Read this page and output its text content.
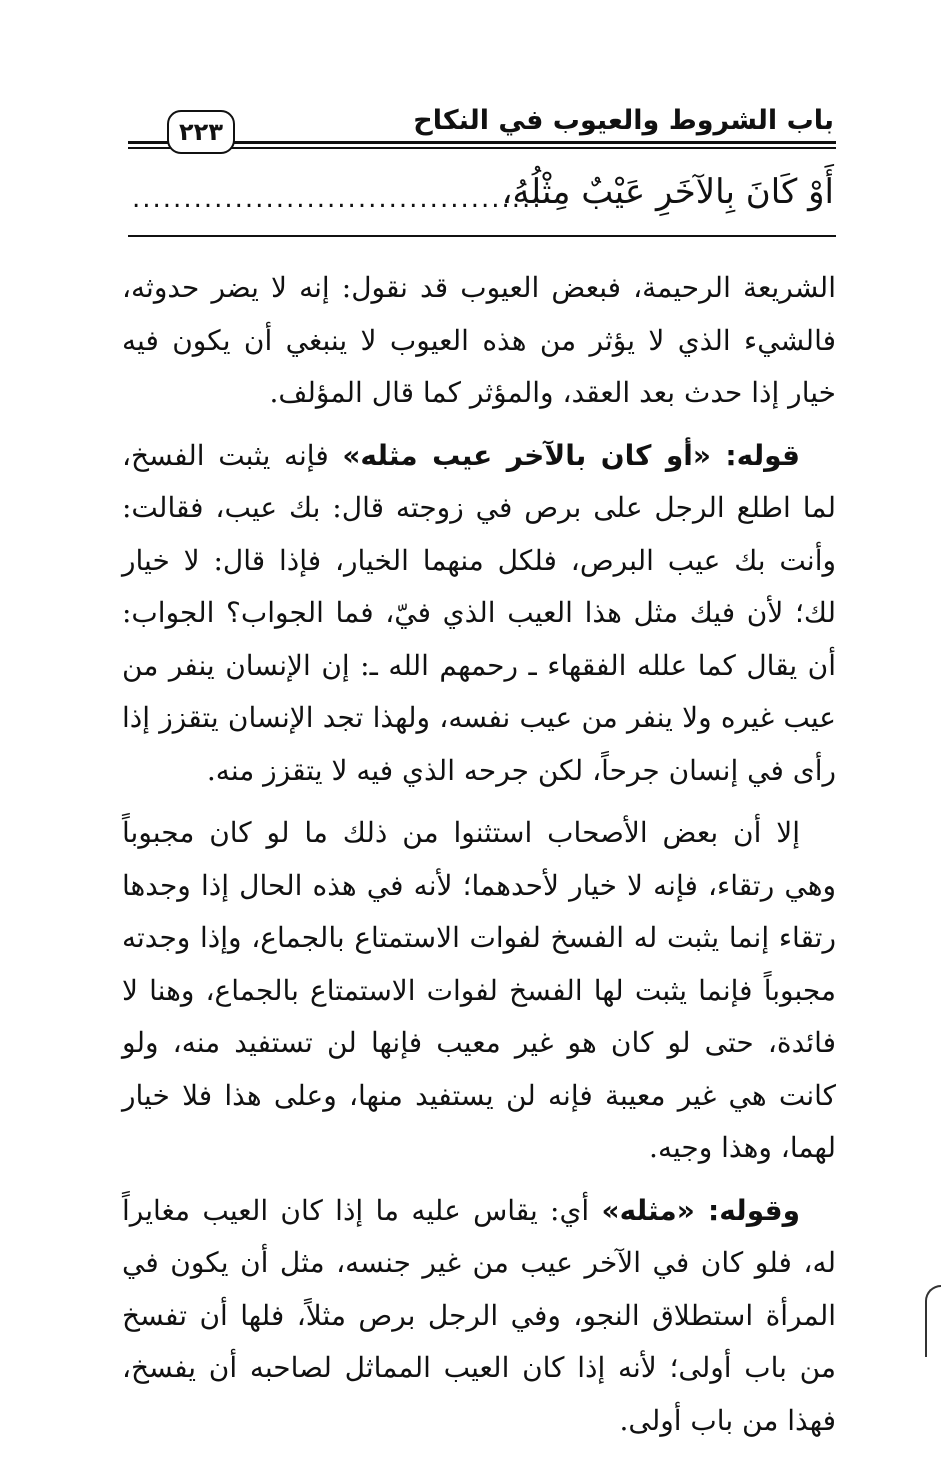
باب الشروط والعيوب في النكاح
٢٢٣
أَوْ كَانَ بِالآخَرِ عَيْبٌ مِثْلُهُ،
........................................

الشريعة الرحيمة، فبعض العيوب قد نقول: إنه لا يضر حدوثه، فالشيء الذي لا يؤثر من هذه العيوب لا ينبغي أن يكون فيه خيار إذا حدث بعد العقد، والمؤثر كما قال المؤلف.

قوله: «أو كان بالآخر عيب مثله» فإنه يثبت الفسخ، لما اطلع الرجل على برص في زوجته قال: بك عيب، فقالت: وأنت بك عيب البرص، فلكل منهما الخيار، فإذا قال: لا خيار لك؛ لأن فيك مثل هذا العيب الذي فيّ، فما الجواب؟ الجواب: أن يقال كما علله الفقهاء ـ رحمهم الله ـ: إن الإنسان ينفر من عيب غيره ولا ينفر من عيب نفسه، ولهذا تجد الإنسان يتقزز إذا رأى في إنسان جرحاً، لكن جرحه الذي فيه لا يتقزز منه.

إلا أن بعض الأصحاب استثنوا من ذلك ما لو كان مجبوباً وهي رتقاء، فإنه لا خيار لأحدهما؛ لأنه في هذه الحال إذا وجدها رتقاء إنما يثبت له الفسخ لفوات الاستمتاع بالجماع، وإذا وجدته مجبوباً فإنما يثبت لها الفسخ لفوات الاستمتاع بالجماع، وهنا لا فائدة، حتى لو كان هو غير معيب فإنها لن تستفيد منه، ولو كانت هي غير معيبة فإنه لن يستفيد منها، وعلى هذا فلا خيار لهما، وهذا وجيه.

وقوله: «مثله» أي: يقاس عليه ما إذا كان العيب مغايراً له، فلو كان في الآخر عيب من غير جنسه، مثل أن يكون في المرأة استطلاق النجو، وفي الرجل برص مثلاً، فلها أن تفسخ من باب أولى؛ لأنه إذا كان العيب المماثل لصاحبه أن يفسخ، فهذا من باب أولى.
